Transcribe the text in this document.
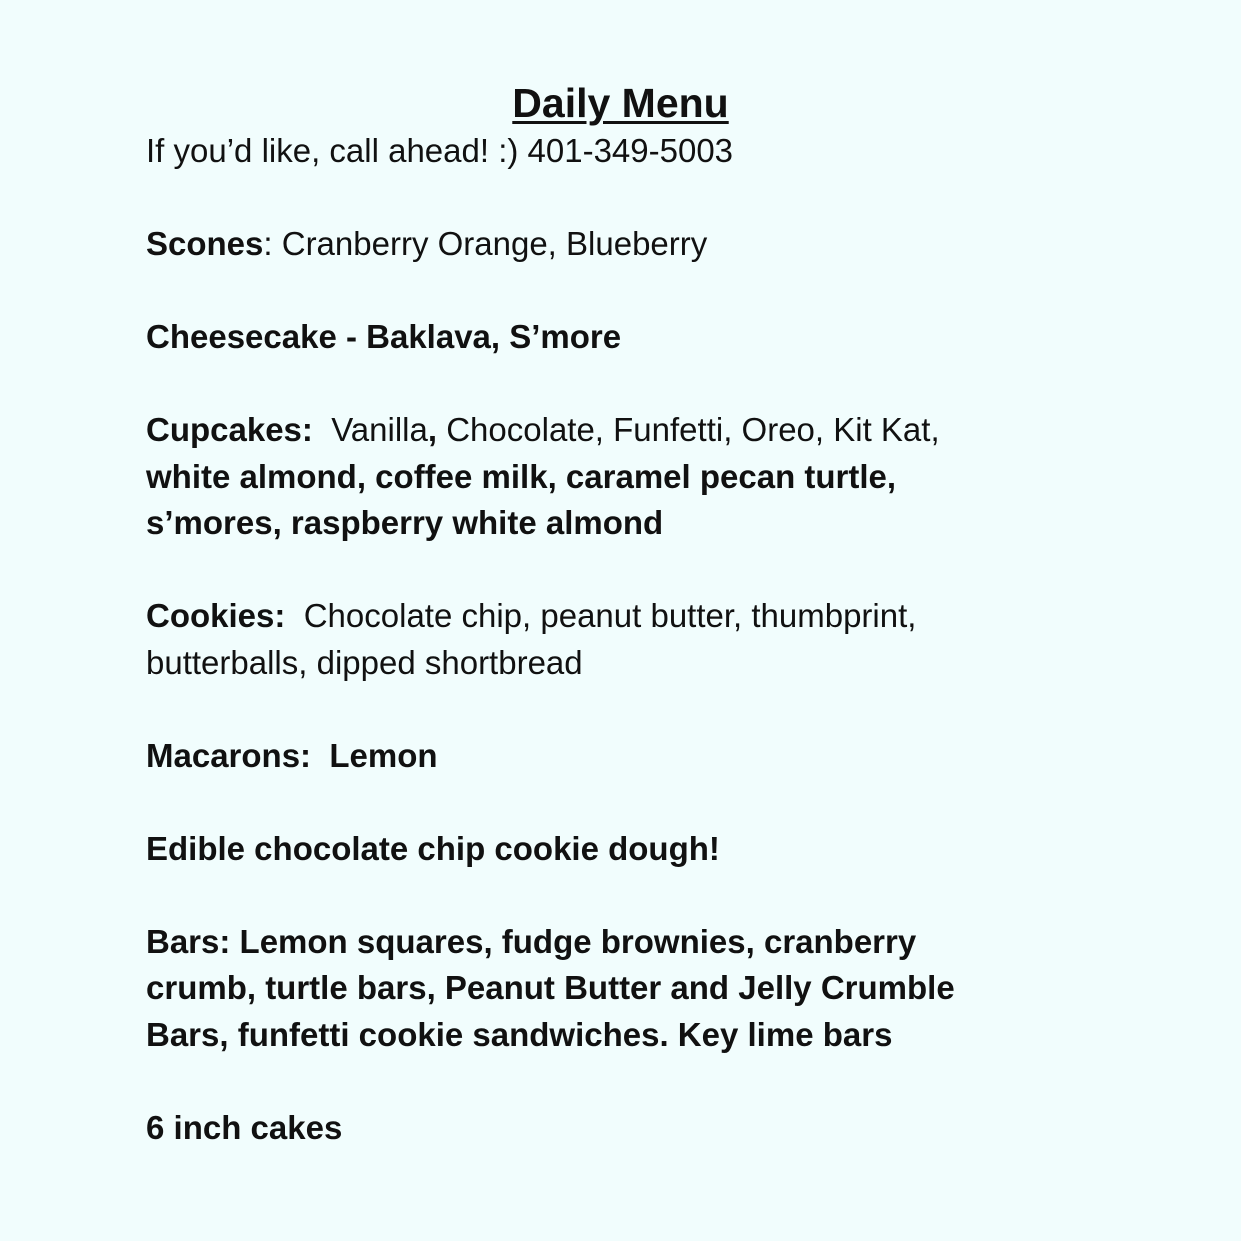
Daily Menu
If you’d like, call ahead! :) 401-349-5003
Scones: Cranberry Orange, Blueberry
Cheesecake - Baklava, S’more
Cupcakes: Vanilla, Chocolate, Funfetti, Oreo, Kit Kat,
white almond, coffee milk, caramel pecan turtle,
s’mores, raspberry white almond
Cookies: Chocolate chip, peanut butter, thumbprint,
butterballs, dipped shortbread
Macarons:  Lemon
Edible chocolate chip cookie dough!
Bars: Lemon squares, fudge brownies, cranberry
crumb, turtle bars, Peanut Butter and Jelly Crumble
Bars, funfetti cookie sandwiches. Key lime bars
6 inch cakes
